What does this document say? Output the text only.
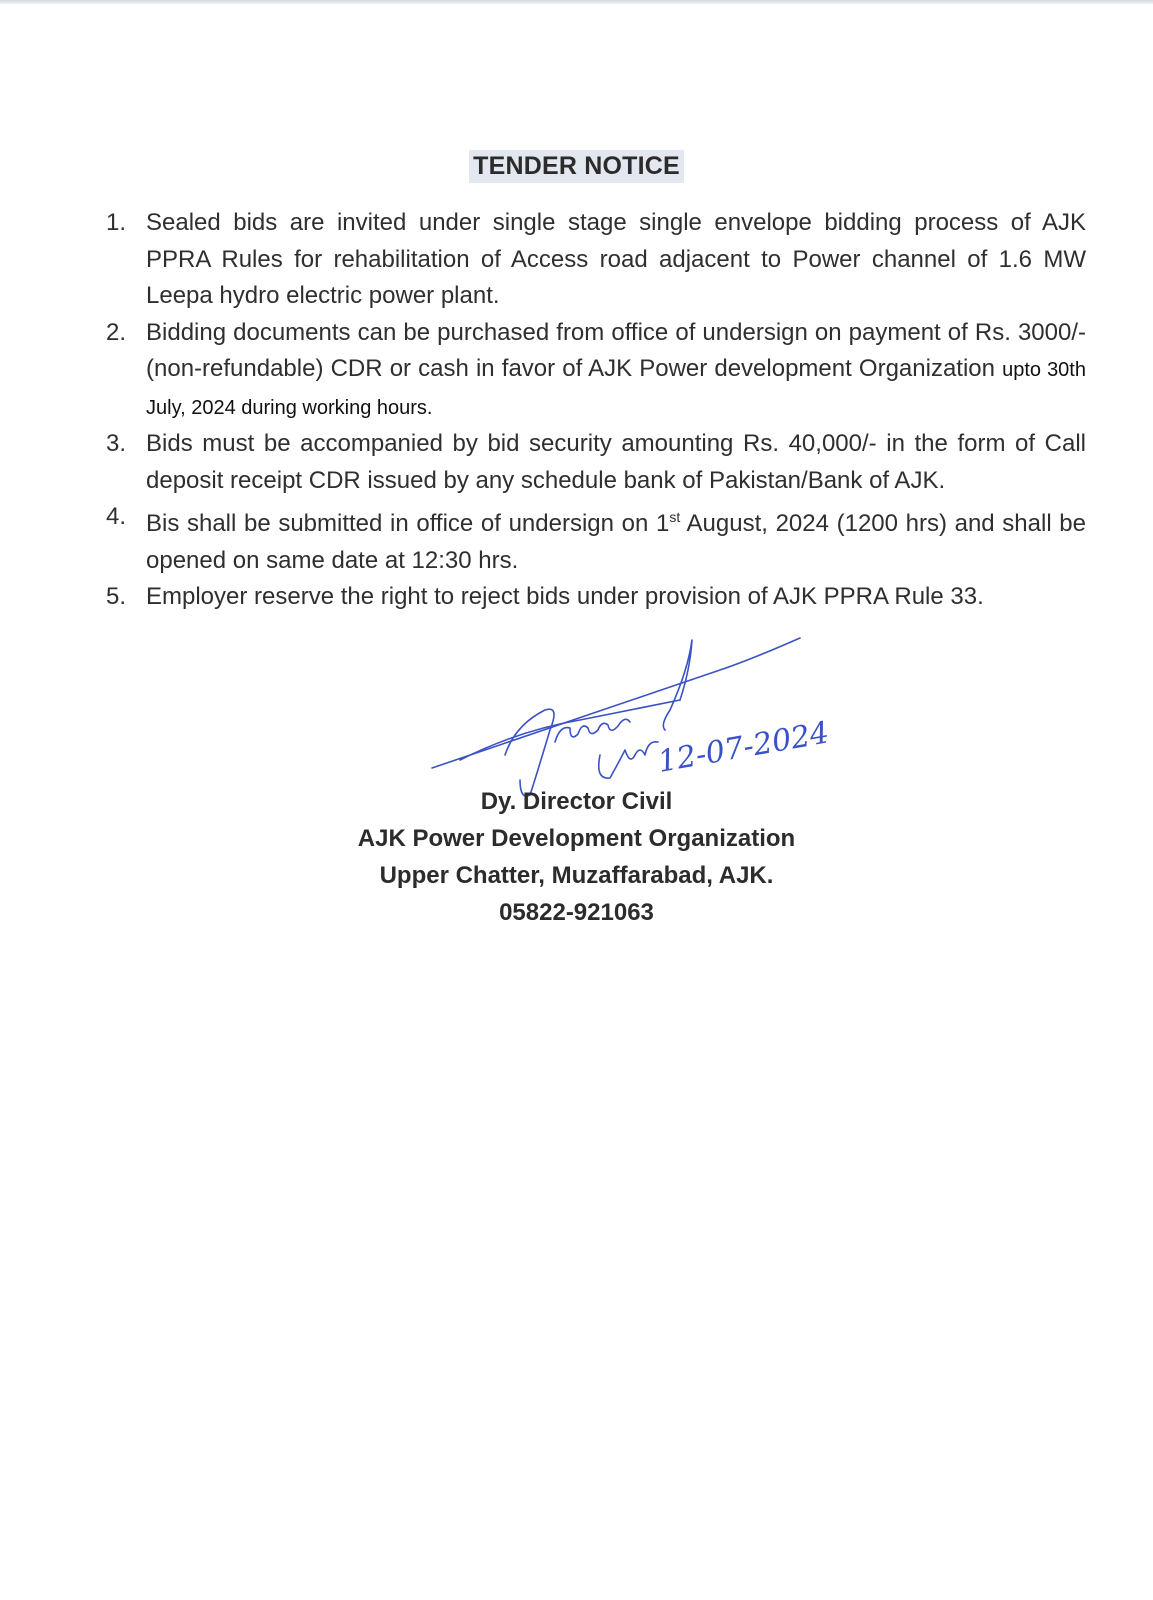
TENDER NOTICE
1. Sealed bids are invited under single stage single envelope bidding process of AJK PPRA Rules for rehabilitation of Access road adjacent to Power channel of 1.6 MW Leepa hydro electric power plant.
2. Bidding documents can be purchased from office of undersign on payment of Rs. 3000/- (non-refundable) CDR or cash in favor of AJK Power development Organization upto 30th July, 2024 during working hours.
3. Bids must be accompanied by bid security amounting Rs. 40,000/- in the form of Call deposit receipt CDR issued by any schedule bank of Pakistan/Bank of AJK.
4. Bis shall be submitted in office of undersign on 1st August, 2024 (1200 hrs) and shall be opened on same date at 12:30 hrs.
5. Employer reserve the right to reject bids under provision of AJK PPRA Rule 33.
12-07-2024
Dy. Director Civil
AJK Power Development Organization
Upper Chatter, Muzaffarabad, AJK.
05822-921063
